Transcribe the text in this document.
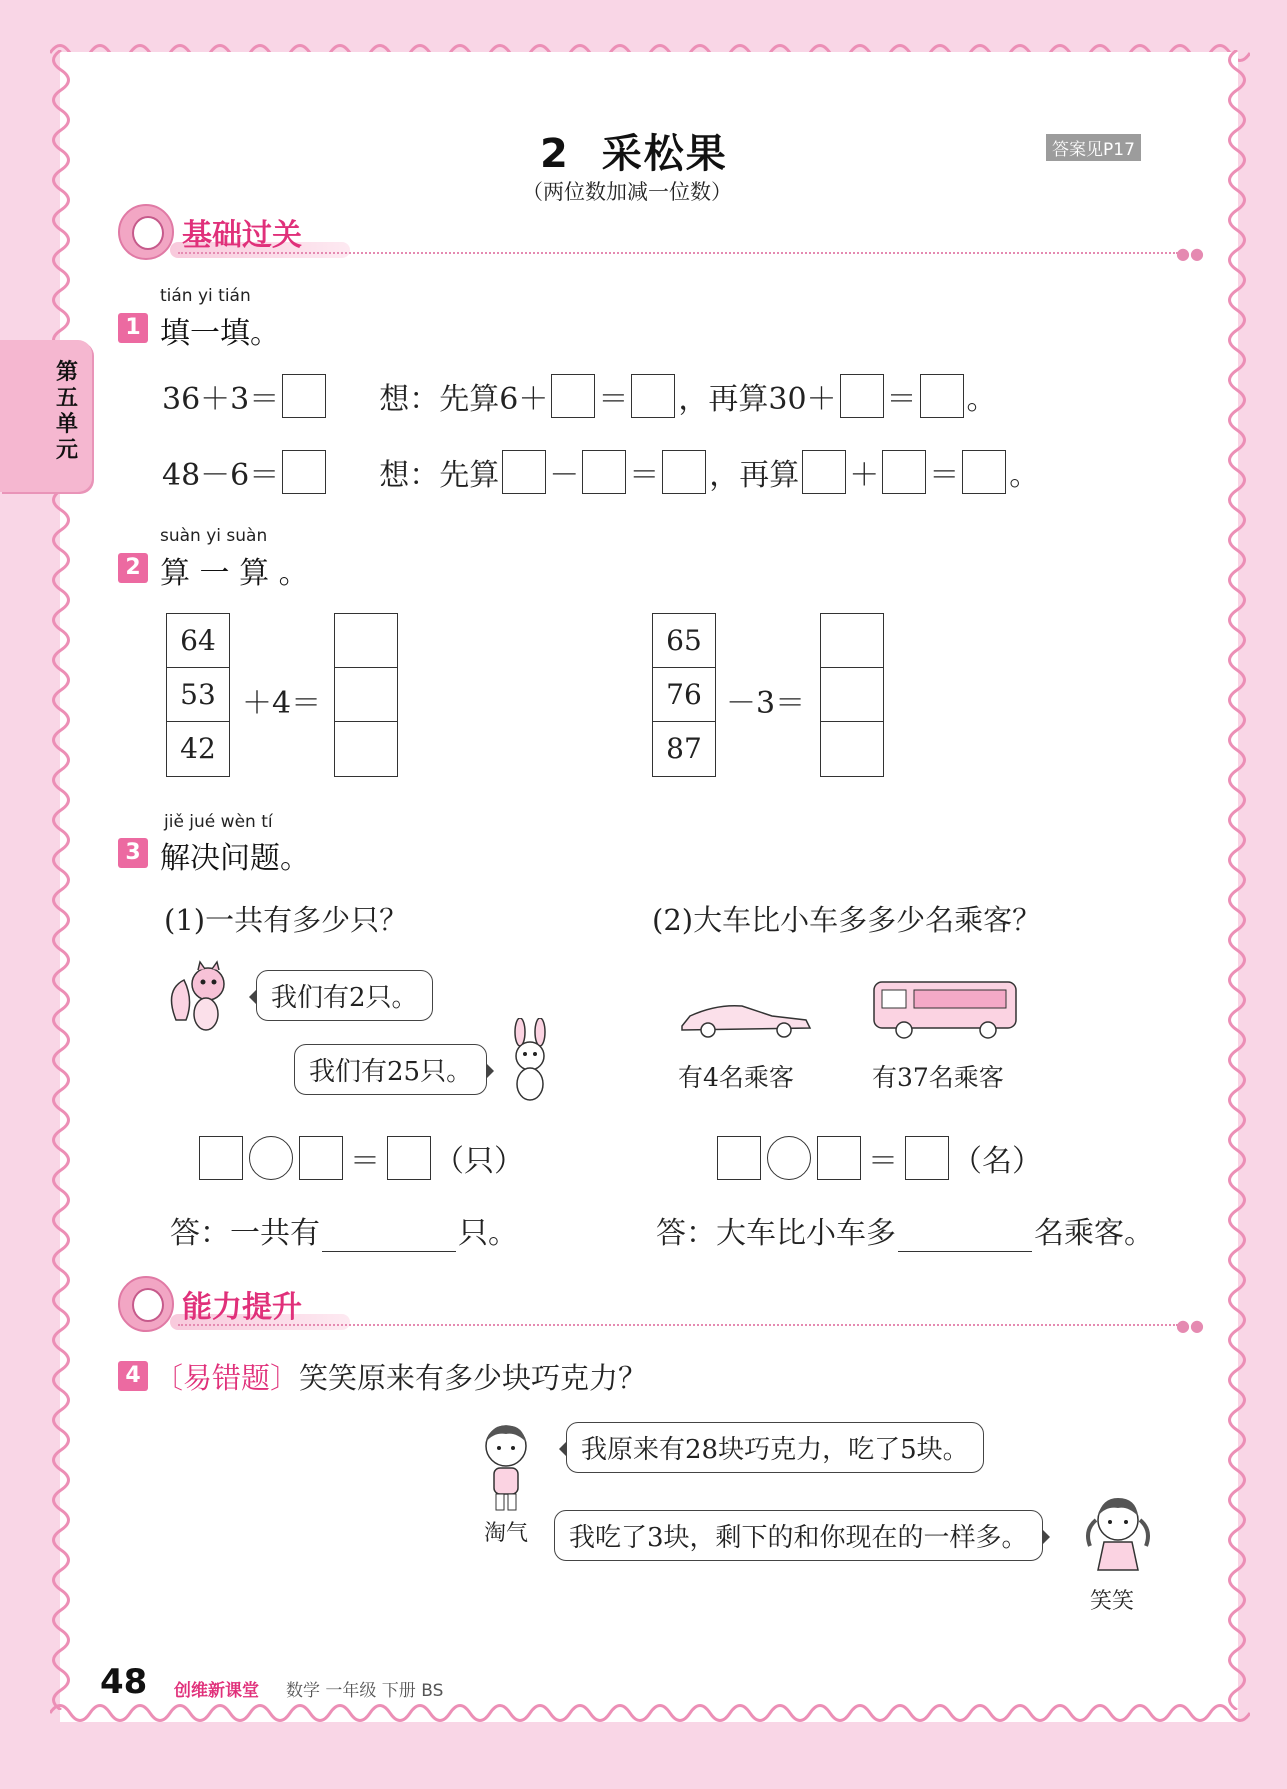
第五单元
2 采松果
（两位数加减一位数）
答案见P17
基础过关
●●
tián yi tián
1 填一填。
36＋3＝	想：先算6＋ ＝ ，再算30＋ ＝ 。
48－6＝	想：先算 － ＝ ，再算 ＋ ＝ 。
suàn yi suàn
2 算 一 算 。
64
53
42
＋4＝
65
76
87
－3＝
jiě jué wèn tí
3 解决问题。
(1)一共有多少只？	(2)大车比小车多多少名乘客？
我们有2只。
我们有25只。	有4名乘客	有37名乘客
＝ （只）	＝ （名）
答：一共有	只。	答：大车比小车多	名乘客。
能力提升
●●
4 〔易错题〕 笑笑原来有多少块巧克力？
淘气
我原来有28块巧克力，吃了5块。
我吃了3块，剩下的和你现在的一样多。
笑笑
48 创维新课堂 数学 一年级 下册 BS
